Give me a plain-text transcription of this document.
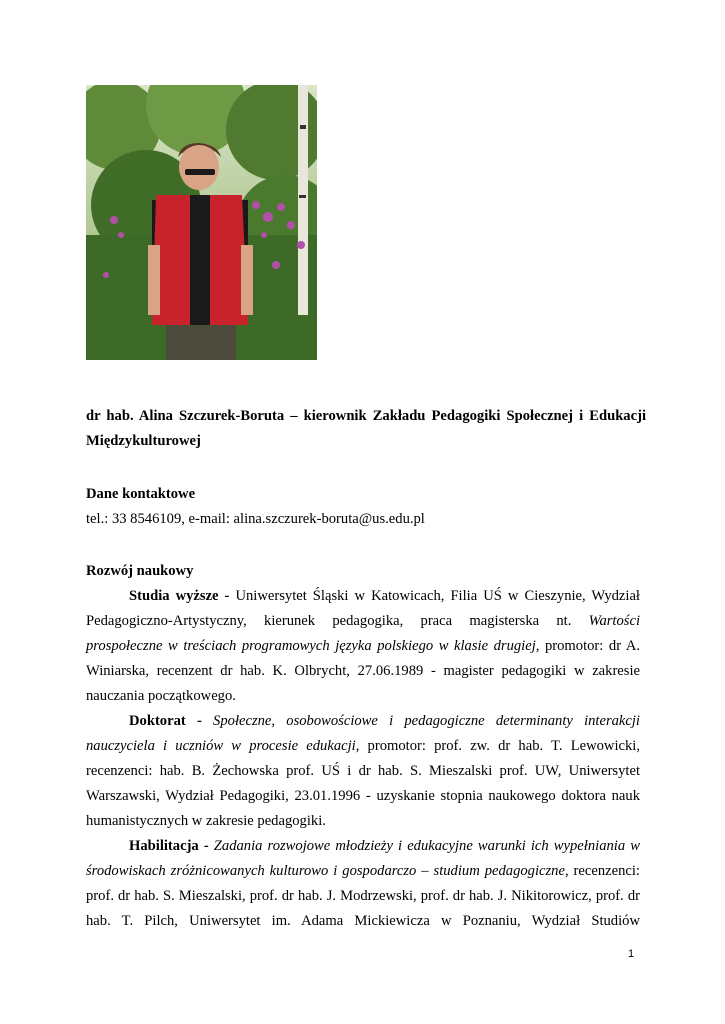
dr hab. Alina Szczurek-Boruta – kierownik Zakładu Pedagogiki Społecznej i Edukacji
Międzykulturowej
Dane kontaktowe
tel.: 33 8546109, e-mail: alina.szczurek-boruta@us.edu.pl
Rozwój naukowy
Studia wyższe - Uniwersytet Śląski w Katowicach, Filia UŚ w Cieszynie, Wydział
Pedagogiczno-Artystyczny, kierunek pedagogika, praca magisterska nt. Wartości
prospołeczne w treściach programowych języka polskiego w klasie drugiej, promotor: dr A.
Winiarska, recenzent dr hab. K. Olbrycht, 27.06.1989 - magister pedagogiki w zakresie
nauczania początkowego.
Doktorat - Społeczne, osobowościowe i pedagogiczne determinanty interakcji
nauczyciela i uczniów w procesie edukacji, promotor: prof. zw. dr hab. T. Lewowicki,
recenzenci: hab. B. Żechowska prof. UŚ i dr hab. S. Mieszalski prof. UW, Uniwersytet
Warszawski, Wydział Pedagogiki, 23.01.1996 - uzyskanie stopnia naukowego doktora nauk
humanistycznych w zakresie pedagogiki.
Habilitacja - Zadania rozwojowe młodzieży i edukacyjne warunki ich wypełniania w
środowiskach zróżnicowanych kulturowo i gospodarczo – studium pedagogiczne, recenzenci:
prof. dr hab. S. Mieszalski, prof. dr hab. J. Modrzewski, prof. dr hab. J. Nikitorowicz, prof. dr
hab. T. Pilch, Uniwersytet im. Adama Mickiewicza w Poznaniu, Wydział Studiów
1
